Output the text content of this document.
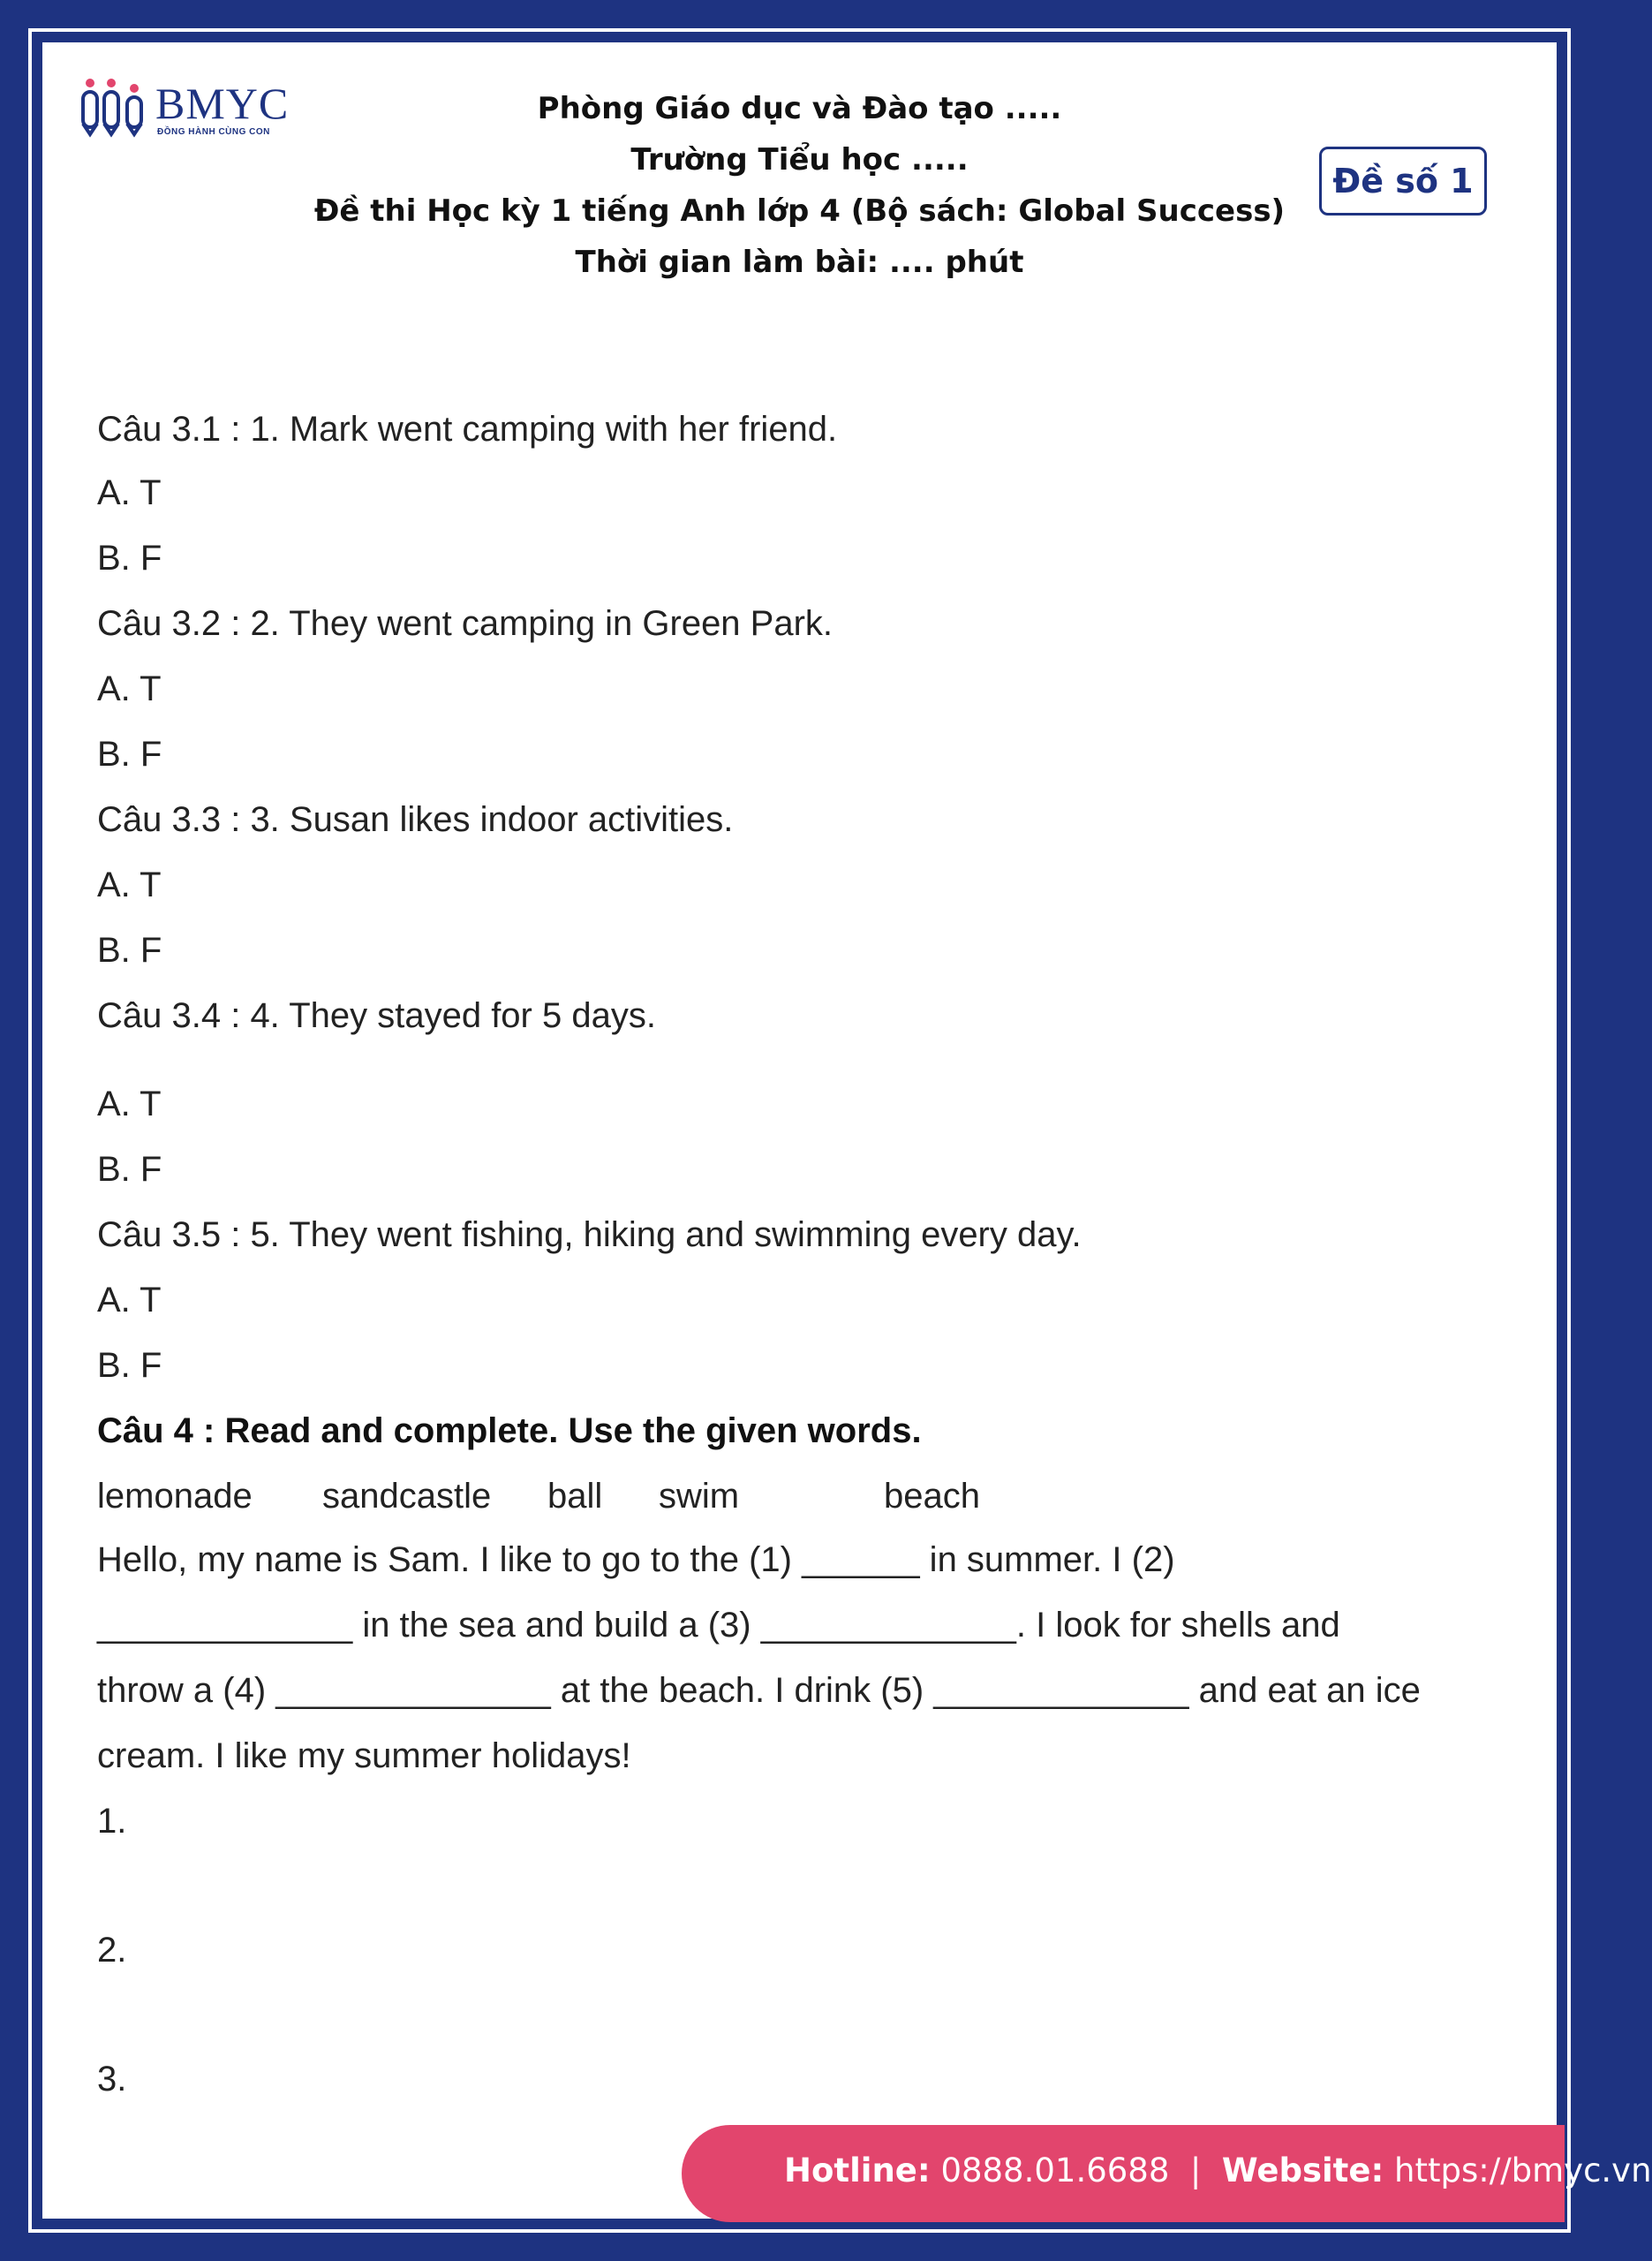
BMYC
ĐỒNG HÀNH CÙNG CON
Phòng Giáo dục và Đào tạo .....
Trường Tiểu học .....
Đề thi Học kỳ 1 tiếng Anh lớp 4 (Bộ sách: Global Success)
Thời gian làm bài: .... phút
Đề số 1
Câu 3.1 : 1. Mark went camping with her friend.
A. T
B. F
Câu 3.2 : 2. They went camping in Green Park.
A. T
B. F
Câu 3.3 : 3. Susan likes indoor activities.
A. T
B. F
Câu 3.4 : 4. They stayed for 5 days.
A. T
B. F
Câu 3.5 : 5. They went fishing, hiking and swimming every day.
A. T
B. F
Câu 4 : Read and complete. Use the given words.
lemonade sandcastle ball swim	beach
Hello, my name is Sam. I like to go to the (1) ______ in summer. I (2)
_____________ in the sea and build a (3) _____________. I look for shells and
throw a (4) ______________ at the beach. I drink (5) _____________ and eat an ice
cream. I like my summer holidays!
1.
2.
3.
Hotline: 0888.01.6688 | Website: https://bmyc.vn
